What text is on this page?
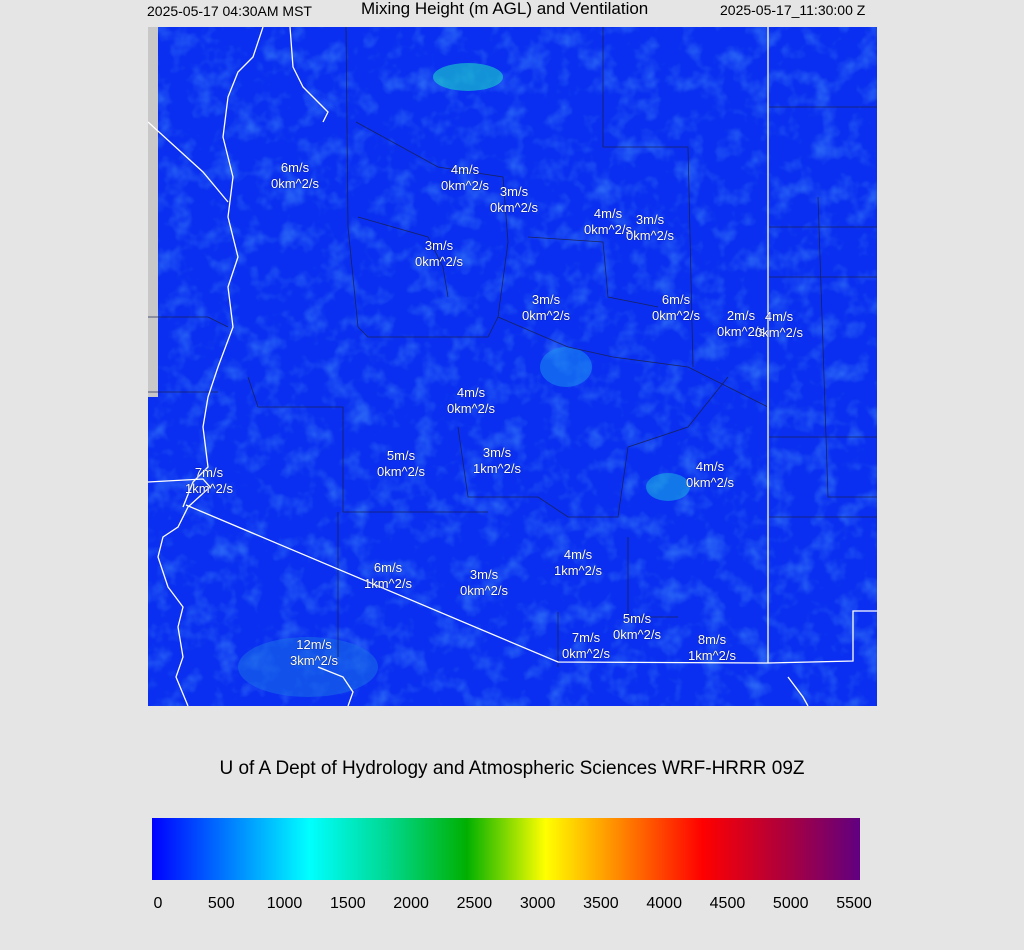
2025-05-17 04:30AM MST	Mixing Height (m AGL) and Ventilation	2025-05-17_11:30:00 Z
6m/s
0km^2/s
4m/s
0km^2/s 3m/s
0km^2/s	4m/s
0km^2/s
3m/s
0km^2/s
3m/s
0km^2/s
3m/s
0km^2/s
6m/s
0km^2/s	2m/s
0km^2/s
4m/s
0km^2/s
4m/s
0km^2/s
5m/s
0km^2/s
3m/s
1km^2/s	4m/s
0km^2/s
7m/s
1km^2/s
6m/s
1km^2/s
3m/s
0km^2/s
4m/s
1km^2/s
5m/s
0km^2/s
7m/s
0km^2/s
8m/s
1km^2/s
12m/s
3km^2/s
U of A Dept of Hydrology and Atmospheric Sciences WRF-HRRR 09Z
0	500 1000 1500 2000 2500 3000 3500 4000 4500 5000 5500
